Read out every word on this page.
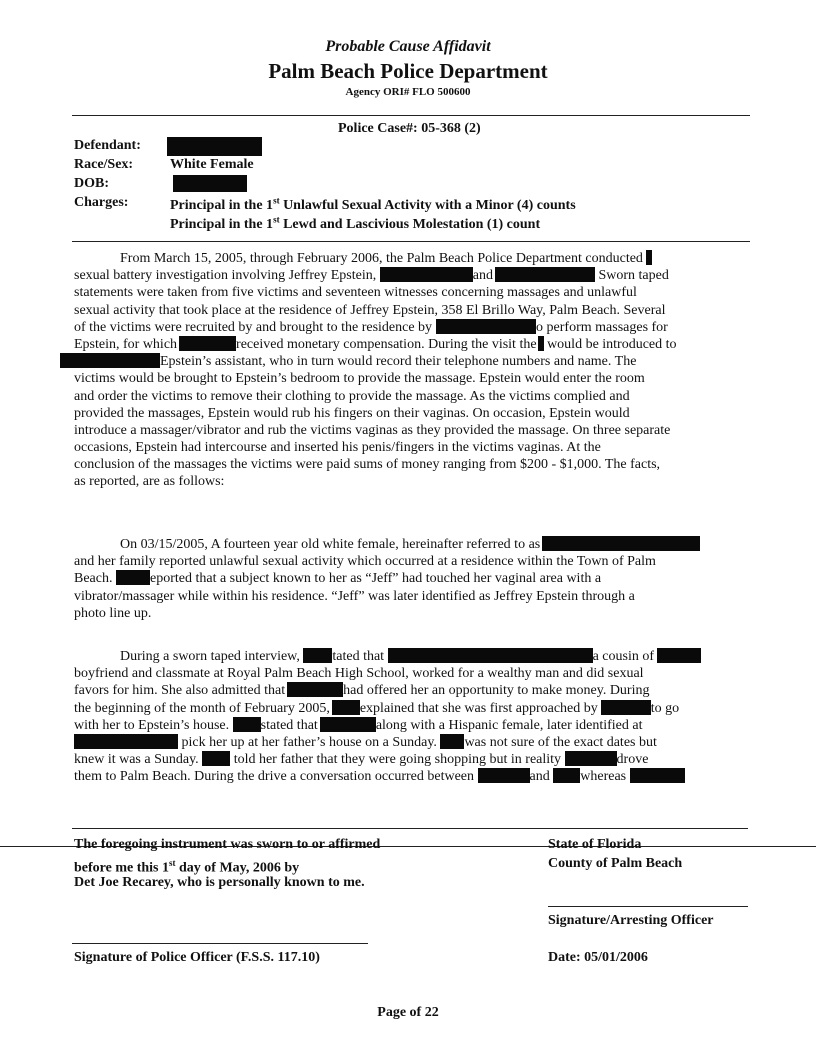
Probable Cause Affidavit
Palm Beach Police Department
Agency ORI# FLO 500600
Police Case#: 05-368 (2)
Defendant:
Race/Sex:	White Female
DOB:
Charges:	Principal in the 1st Unlawful Sexual Activity with a Minor (4) counts
Principal in the 1st Lewd and Lascivious Molestation (1) count
From March 15, 2005, through February 2006, the Palm Beach Police Department conducted
sexual battery investigation involving Jeffrey Epstein,	and	Sworn taped
statements were taken from five victims and seventeen witnesses concerning massages and unlawful
sexual activity that took place at the residence of Jeffrey Epstein, 358 El Brillo Way, Palm Beach. Several
of the victims were recruited by and brought to the residence by	o perform massages for
Epstein, for which	received monetary compensation. During the visit the would be introduced to
Epstein’s assistant, who in turn would record their telephone numbers and name. The
victims would be brought to Epstein’s bedroom to provide the massage. Epstein would enter the room
and order the victims to remove their clothing to provide the massage. As the victims complied and
provided the massages, Epstein would rub his fingers on their vaginas. On occasion, Epstein would
introduce a massager/vibrator and rub the victims vaginas as they provided the massage. On three separate
occasions, Epstein had intercourse and inserted his penis/fingers in the victims vaginas. At the
conclusion of the massages the victims were paid sums of money ranging from $200 - $1,000. The facts,
as reported, are as follows:
On 03/15/2005, A fourteen year old white female, hereinafter referred to as
and her family reported unlawful sexual activity which occurred at a residence within the Town of Palm
Beach.	eported that a subject known to her as “Jeff” had touched her vaginal area with a
vibrator/massager while within his residence. “Jeff” was later identified as Jeffrey Epstein through a
photo line up.
During a sworn taped interview, tated that	a cousin of
boyfriend and classmate at Royal Palm Beach High School, worked for a wealthy man and did sexual
favors for him. She also admitted that	had offered her an opportunity to make money. During
the beginning of the month of February 2005, explained that she was first approached by	to go
with her to Epstein’s house. stated that	along with a Hispanic female, later identified at
pick her up at her father’s house on a Sunday. was not sure of the exact dates but
knew it was a Sunday.	told her father that they were going shopping but in reality	drove
them to Palm Beach. During the drive a conversation occurred between	and whereas
The foregoing instrument was sworn to or affirmed
before me this 1st day of May, 2006 by
Det Joe Recarey, who is personally known to me.
State of Florida
County of Palm Beach
Signature/Arresting Officer
Signature of Police Officer (F.S.S. 117.10)	Date: 05/01/2006
Page of 22
